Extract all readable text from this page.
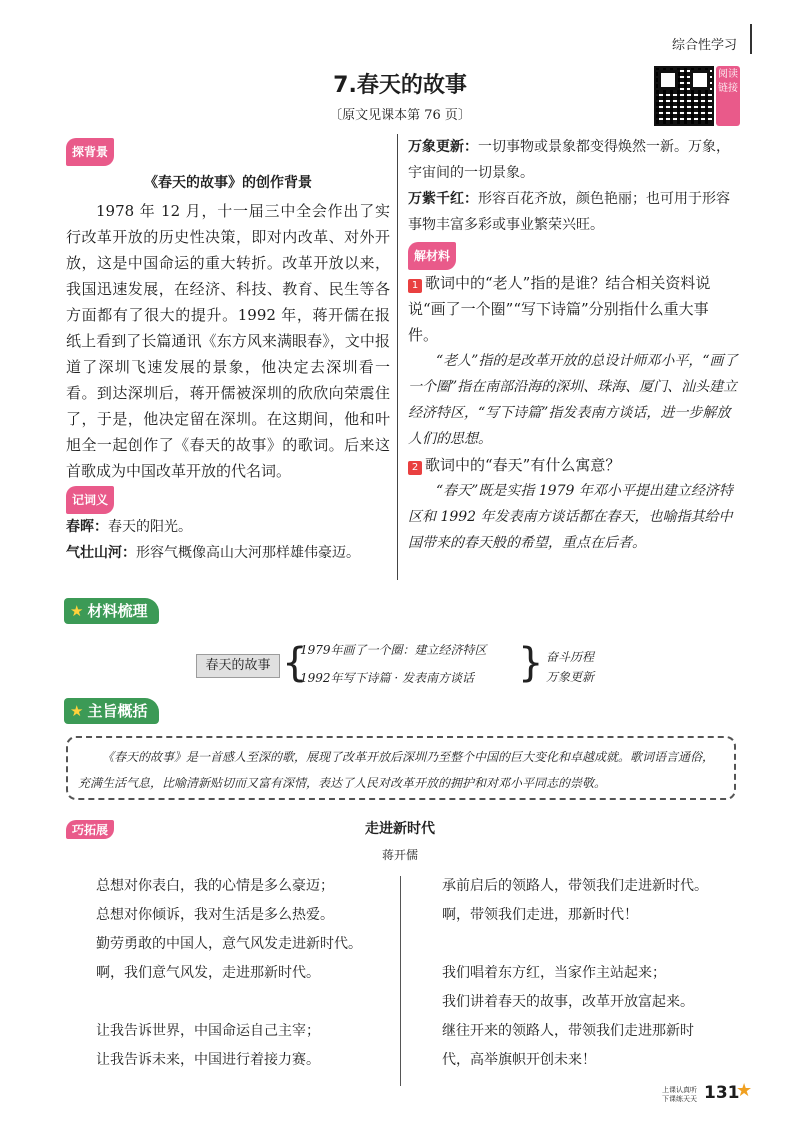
综合性学习
7.春天的故事
〔原文见课本第 76 页〕
阅读链接
探背景
《春天的故事》的创作背景

1978 年 12 月，十一届三中全会作出了实行改革开放的历史性决策，即对内改革、对外开放，这是中国命运的重大转折。改革开放以来，我国迅速发展，在经济、科技、教育、民生等各方面都有了很大的提升。1992 年，蒋开儒在报纸上看到了长篇通讯《东方风来满眼春》，文中报道了深圳飞速发展的景象，他决定去深圳看一看。到达深圳后，蒋开儒被深圳的欣欣向荣震住了，于是，他决定留在深圳。在这期间，他和叶旭全一起创作了《春天的故事》的歌词。后来这首歌成为中国改革开放的代名词。

记词义
春晖：春天的阳光。
气壮山河：形容气概像高山大河那样雄伟豪迈。
万象更新：一切事物或景象都变得焕然一新。万象，宇宙间的一切景象。
万紫千红：形容百花齐放，颜色艳丽；也可用于形容事物丰富多彩或事业繁荣兴旺。
解材料
1 歌词中的“老人”指的是谁？结合相关资料说说“画了一个圈”“写下诗篇”分别指什么重大事件。

“老人”指的是改革开放的总设计师邓小平，“画了一个圈”指在南部沿海的深圳、珠海、厦门、汕头建立经济特区，“写下诗篇”指发表南方谈话，进一步解放人们的思想。

2 歌词中的“春天”有什么寓意？

“春天”既是实指 1979 年邓小平提出建立经济特区和 1992 年发表南方谈话都在春天，也喻指其给中国带来的春天般的希望，重点在后者。

★ 材料梳理
春天的故事 {
1979年画了一个圈：建立经济特区
1992年写下诗篇 · 发表南方谈话 } 奋斗历程
万象更新
★ 主旨概括
《春天的故事》是一首感人至深的歌，展现了改革开放后深圳乃至整个中国的巨大变化和卓越成就。歌词语言通俗，充满生活气息，比喻清新贴切而又富有深情，表达了人民对改革开放的拥护和对邓小平同志的崇敬。
巧拓展	走进新时代
蒋开儒
总想对你表白，我的心情是多么豪迈；
总想对你倾诉，我对生活是多么热爱。
勤劳勇敢的中国人，意气风发走进新时代。
啊，我们意气风发，走进那新时代。
让我告诉世界，中国命运自己主宰；
让我告诉未来，中国进行着接力赛。
承前启后的领路人，带领我们走进新时代。
啊，带领我们走进，那新时代！
我们唱着东方红，当家作主站起来；
我们讲着春天的故事，改革开放富起来。
继往开来的领路人，带领我们走进那新时
代，高举旗帜开创未来！
上课认真听
下课练天天 131
★
